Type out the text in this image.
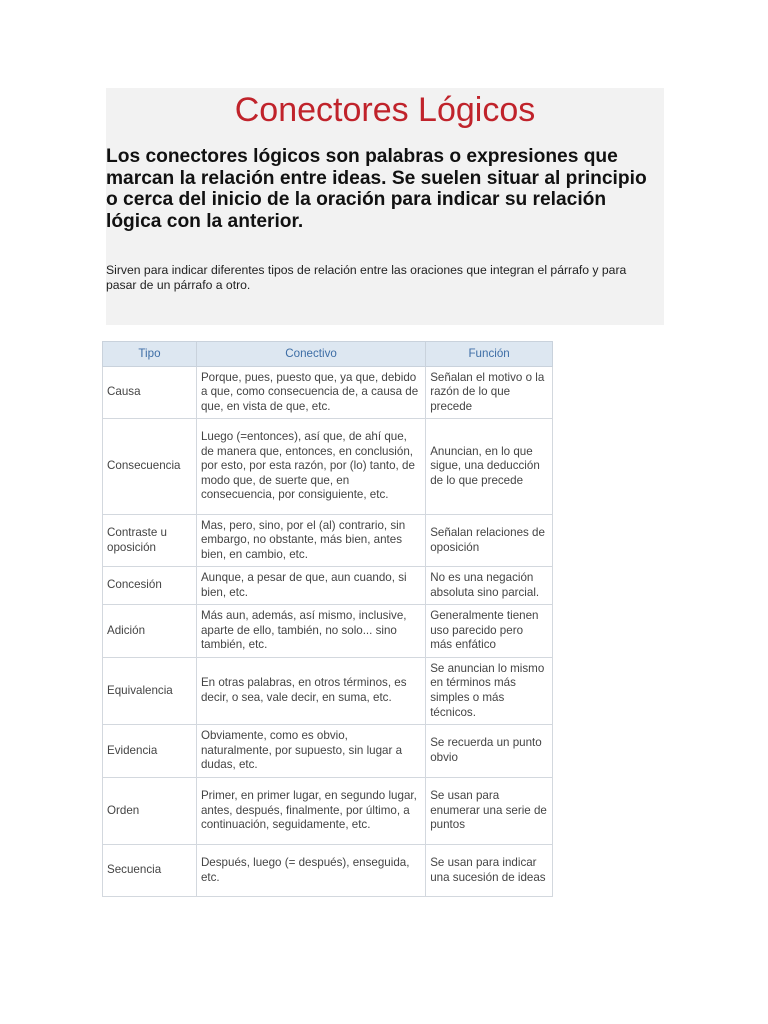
Conectores Lógicos

Los conectores lógicos son palabras o expresiones que marcan la relación entre ideas. Se suelen situar al principio o cerca del inicio de la oración para indicar su relación lógica con la anterior.

Sirven para indicar diferentes tipos de relación entre las oraciones que integran el párrafo y para pasar de un párrafo a otro.

Tipo	Conectivo	Función
Causa	Porque, pues, puesto que, ya que, debido a que, como consecuencia de, a causa de que, en vista de que, etc.	Señalan el motivo o la razón de lo que precede
Consecuencia	Luego (=entonces), así que, de ahí que, de manera que, entonces, en conclusión, por esto, por esta razón, por (lo) tanto, de modo que, de suerte que, en consecuencia, por consiguiente, etc.	Anuncian, en lo que sigue, una deducción de lo que precede
Contraste u oposición	Mas, pero, sino, por el (al) contrario, sin embargo, no obstante, más bien, antes bien, en cambio, etc.	Señalan relaciones de oposición
Concesión	Aunque, a pesar de que, aun cuando, si bien, etc.	No es una negación absoluta sino parcial.
Adición	Más aun, además, así mismo, inclusive, aparte de ello, también, no solo... sino también, etc.	Generalmente tienen uso parecido pero más enfático
Equivalencia	En otras palabras, en otros términos, es decir, o sea, vale decir, en suma, etc.	Se anuncian lo mismo en términos más simples o más técnicos.
Evidencia	Obviamente, como es obvio, naturalmente, por supuesto, sin lugar a dudas, etc.	Se recuerda un punto obvio
Orden	Primer, en primer lugar, en segundo lugar, antes, después, finalmente, por último, a continuación, seguidamente, etc.	Se usan para enumerar una serie de puntos
Secuencia	Después, luego (= después), enseguida, etc.	Se usan para indicar una sucesión de ideas
